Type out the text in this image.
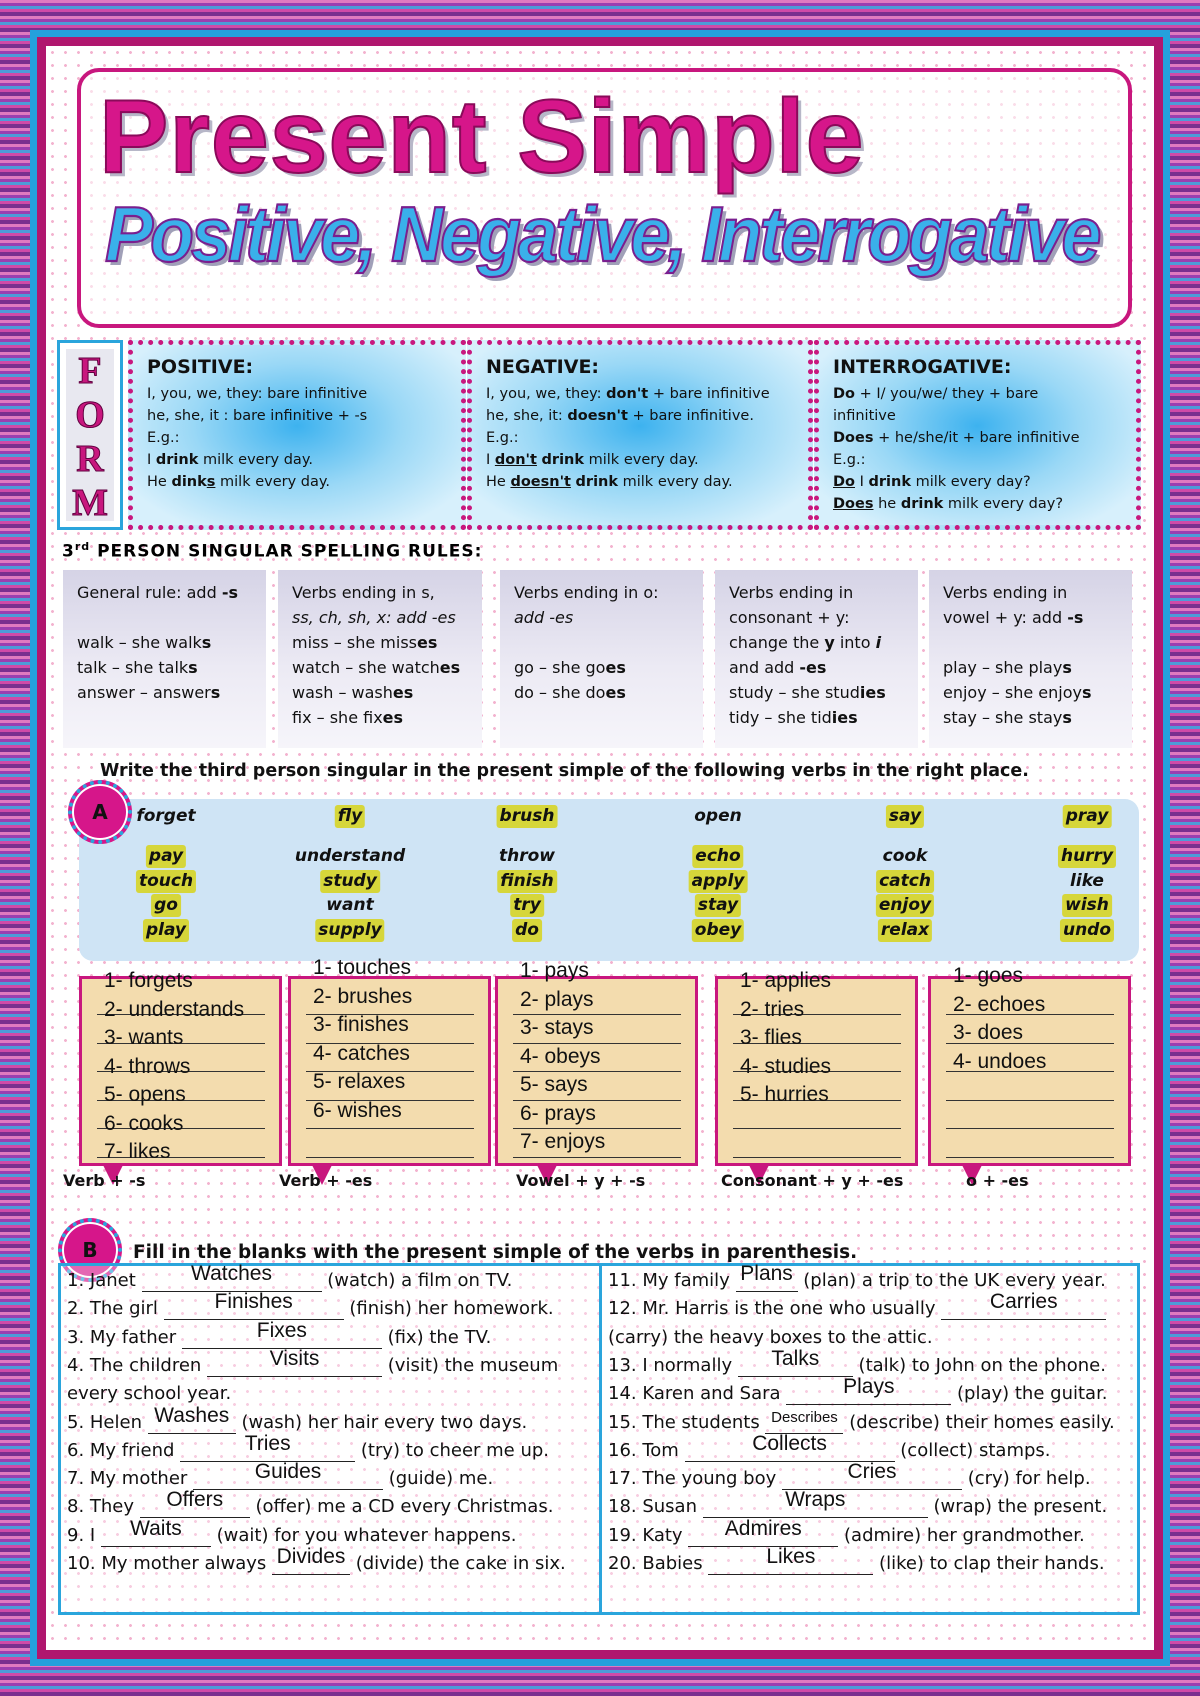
Present Simple
Positive, Negative, Interrogative
F
O
R
M
POSITIVE:
I, you, we, they: bare infinitive
he, she, it : bare infinitive + -s
E.g.:
I drink milk every day.
He dinks milk every day.
NEGATIVE:
I, you, we, they: don't + bare infinitive
he, she, it: doesn't + bare infinitive.
E.g.:
I don't drink milk every day.
He doesn't drink milk every day.
INTERROGATIVE:
Do + I/ you/we/ they + bare
infinitive
Does + he/she/it + bare infinitive
E.g.:
Do I drink milk every day?
Does he drink milk every day?
3rd PERSON SINGULAR SPELLING RULES:
General rule: add -s

walk – she walks
talk – she talks
answer – answers
Verbs ending in s,
ss, ch, sh, x: add -es
miss – she misses
watch – she watches
wash – washes
fix – she fixes
Verbs ending in o:
add -es

go – she goes
do – she does
Verbs ending in
consonant + y:
change the y into i
and add -es
study – she studies
tidy – she tidies
Verbs ending in
vowel + y: add -s

play – she plays
enjoy – she enjoys
stay – she stays
Write the third person singular in the present simple of the following verbs in the right place.
forget	fly	brush	open	say	pray
pay	understand	throw	echo	cook	hurry
touch	study	finish	apply	catch	like
go	want	try	stay	enjoy	wish
play	supply	do	obey	relax	undo
A
1- forgets
2- understands
3- wants
4- throws
5- opens
6- cooks
7- likes
Verb + -s
1- touches
2- brushes
3- finishes
4- catches
5- relaxes
6- wishes
Verb + -es
1- pays
2- plays
3- stays
4- obeys
5- says
6- prays
7- enjoys
Vowel + y + -s
1- applies
2- tries
3- flies
4- studies
5- hurries
Consonant + y + -es
1- goes
2- echoes
3- does
4- undoes
o + -es
B	Fill in the blanks with the present simple of the verbs in parenthesis.
1. Janet	Watches	(watch) a film on TV.
2. The girl	Finishes	(finish) her homework.
3. My father	Fixes	(fix) the TV.
4. The children	Visits	(visit) the museum
every school year.
5. Helen Washes (wash) her hair every two days.
6. My friend	Tries	(try) to cheer me up.
7. My mother	Guides	(guide) me.
8. They	Offers	(offer) me a CD every Christmas.
9. I	Waits	(wait) for you whatever happens.
10. My mother always Divides (divide) the cake in six.
11. My family Plans (plan) a trip to the UK every year.
12. Mr. Harris is the one who usually	Carries
(carry) the heavy boxes to the attic.
13. I normally	Talks	(talk) to John on the phone.
14. Karen and Sara	Plays	(play) the guitar.
15. The students Describes (describe) their homes easily.
16. Tom	Collects	(collect) stamps.
17. The young boy	Cries	(cry) for help.
18. Susan	Wraps	(wrap) the present.
19. Katy	Admires	(admire) her grandmother.
20. Babies	Likes	(like) to clap their hands.
